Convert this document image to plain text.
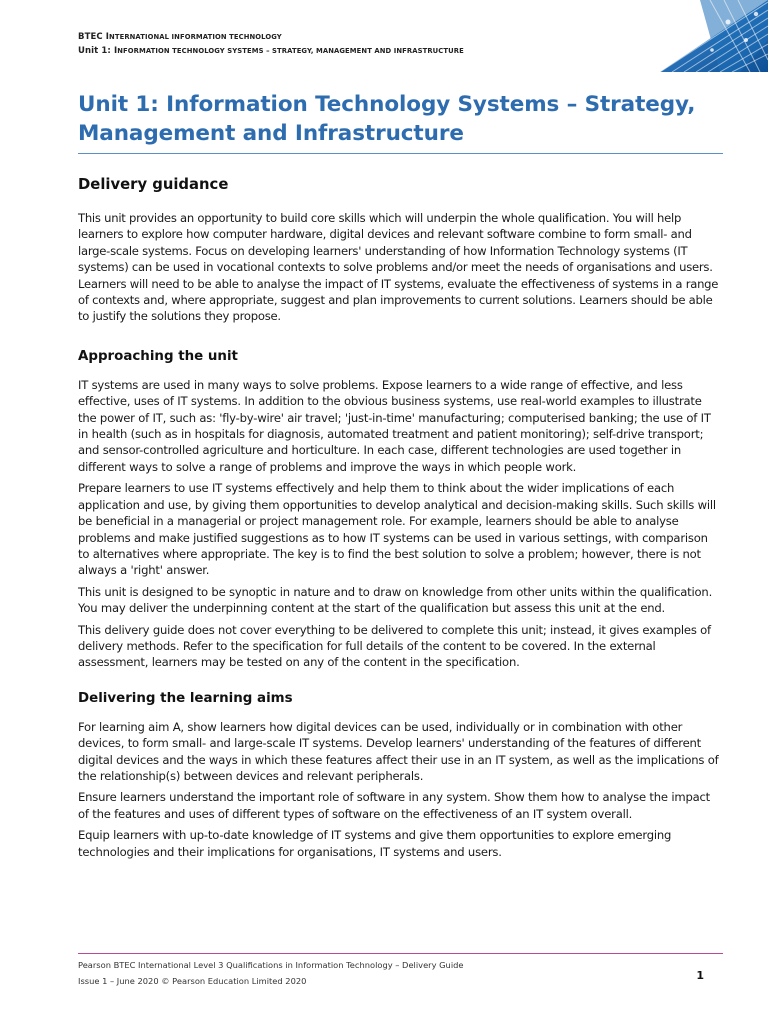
BTEC INTERNATIONAL INFORMATION TECHNOLOGY
Unit 1: INFORMATION TECHNOLOGY SYSTEMS – STRATEGY, MANAGEMENT AND INFRASTRUCTURE
Unit 1: Information Technology Systems – Strategy, Management and Infrastructure
Delivery guidance

This unit provides an opportunity to build core skills which will underpin the whole qualification. You will help learners to explore how computer hardware, digital devices and relevant software combine to form small- and large-scale systems. Focus on developing learners' understanding of how Information Technology systems (IT systems) can be used in vocational contexts to solve problems and/or meet the needs of organisations and users. Learners will need to be able to analyse the impact of IT systems, evaluate the effectiveness of systems in a range of contexts and, where appropriate, suggest and plan improvements to current solutions. Learners should be able to justify the solutions they propose.

Approaching the unit

IT systems are used in many ways to solve problems. Expose learners to a wide range of effective, and less effective, uses of IT systems. In addition to the obvious business systems, use real-world examples to illustrate the power of IT, such as: 'fly-by-wire' air travel; 'just-in-time' manufacturing; computerised banking; the use of IT in health (such as in hospitals for diagnosis, automated treatment and patient monitoring); self-drive transport; and sensor-controlled agriculture and horticulture. In each case, different technologies are used together in different ways to solve a range of problems and improve the ways in which people work.

Prepare learners to use IT systems effectively and help them to think about the wider implications of each application and use, by giving them opportunities to develop analytical and decision-making skills. Such skills will be beneficial in a managerial or project management role. For example, learners should be able to analyse problems and make justified suggestions as to how IT systems can be used in various settings, with comparison to alternatives where appropriate. The key is to find the best solution to solve a problem; however, there is not always a 'right' answer.

This unit is designed to be synoptic in nature and to draw on knowledge from other units within the qualification. You may deliver the underpinning content at the start of the qualification but assess this unit at the end.

This delivery guide does not cover everything to be delivered to complete this unit; instead, it gives examples of delivery methods. Refer to the specification for full details of the content to be covered. In the external assessment, learners may be tested on any of the content in the specification.

Delivering the learning aims

For learning aim A, show learners how digital devices can be used, individually or in combination with other devices, to form small- and large-scale IT systems. Develop learners' understanding of the features of different digital devices and the ways in which these features affect their use in an IT system, as well as the implications of the relationship(s) between devices and relevant peripherals.

Ensure learners understand the important role of software in any system. Show them how to analyse the impact of the features and uses of different types of software on the effectiveness of an IT system overall.

Equip learners with up-to-date knowledge of IT systems and give them opportunities to explore emerging technologies and their implications for organisations, IT systems and users.

Pearson BTEC International Level 3 Qualifications in Information Technology – Delivery Guide
Issue 1 – June 2020 © Pearson Education Limited 2020	1
